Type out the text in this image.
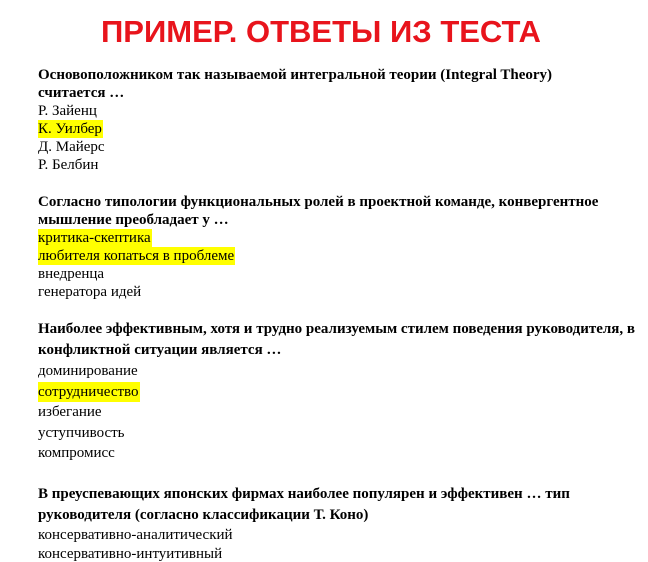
ПРИМЕР. ОТВЕТЫ ИЗ ТЕСТА
Основоположником так называемой интегральной теории (Integral Theory) считается …
Р. Зайенц
К. Уилбер
Д. Майерс
Р. Белбин
Согласно типологии функциональных ролей в проектной команде, конвергентное мышление преобладает у …
критика-скептика
любителя копаться в проблеме
внедренца
генератора идей
Наиболее эффективным, хотя и трудно реализуемым стилем поведения руководителя, в конфликтной ситуации является …
доминирование
сотрудничество
избегание
уступчивость
компромисс
В преуспевающих японских фирмах наиболее популярен и эффективен … тип руководителя (согласно классификации Т. Коно)
консервативно-аналитический
консервативно-интуитивный
